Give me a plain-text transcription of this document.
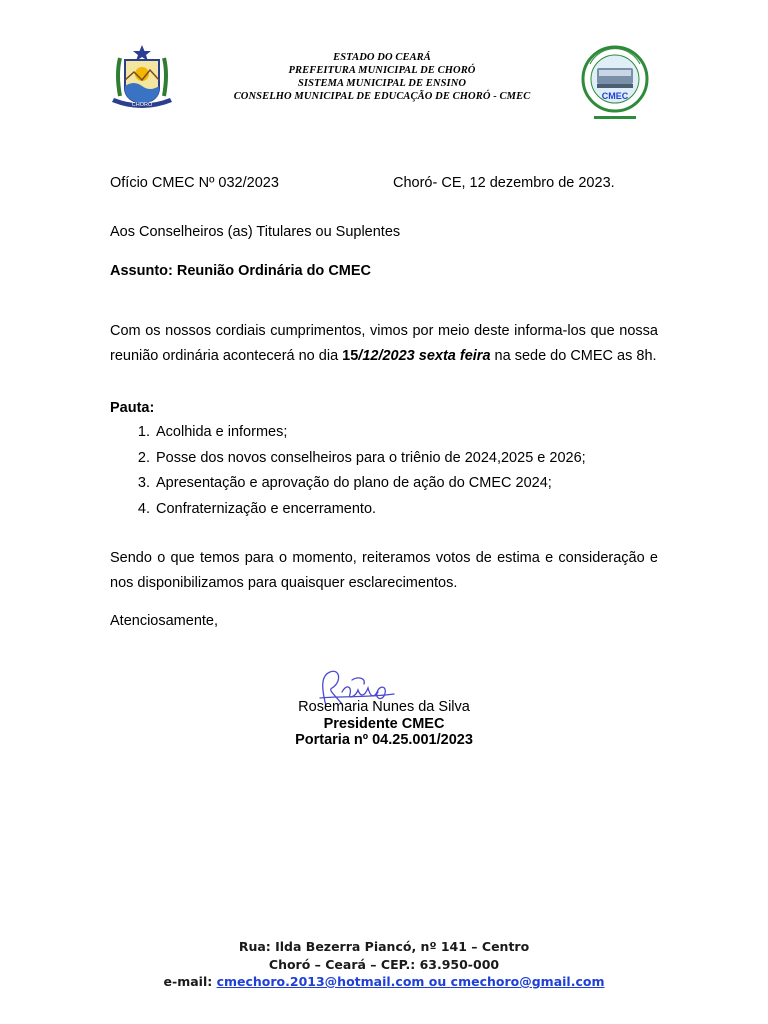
CHORÓ
ESTADO DO CEARÁ
PREFEITURA MUNICIPAL DE CHORÓ
SISTEMA MUNICIPAL DE ENSINO
CONSELHO MUNICIPAL DE EDUCAÇÃO DE CHORÓ - CMEC	CMEC
Ofício CMEC Nº 032/2023	Choró- CE, 12 dezembro de 2023.
Aos Conselheiros (as) Titulares ou Suplentes
Assunto: Reunião Ordinária do CMEC
Com os nossos cordiais cumprimentos, vimos por meio deste informa-los que nossa reunião ordinária acontecerá no dia 15/12/2023 sexta feira na sede do CMEC as 8h.
Pauta:
1. Acolhida e informes;
2. Posse dos novos conselheiros para o triênio de 2024,2025 e 2026;
3. Apresentação e aprovação do plano de ação do CMEC 2024;
4. Confraternização e encerramento.
Sendo o que temos para o momento, reiteramos votos de estima e consideração e nos disponibilizamos para quaisquer esclarecimentos.
Atenciosamente,
Rosemaria Nunes da Silva
Presidente CMEC
Portaria nº 04.25.001/2023
Rua: Ilda Bezerra Piancó, nº 141 – Centro
Choró – Ceará – CEP.: 63.950-000
e-mail: cmechoro.2013@hotmail.com ou cmechoro@gmail.com
